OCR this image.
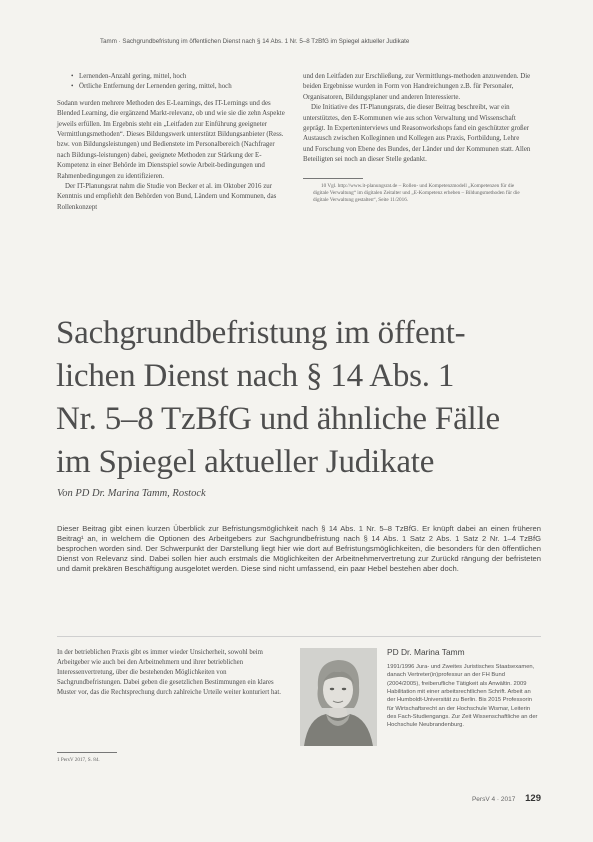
Tamm · Sachgrundbefristung im öffentlichen Dienst nach § 14 Abs. 1 Nr. 5–8 TzBfG im Spiegel aktueller Judikate
• Lernenden-Anzahl gering, mittel, hoch
• Örtliche Entfernung der Lernenden gering, mittel, hoch

Sodann wurden mehrere Methoden des E-Learnings, des IT-Lernings und des Blended Learning, die ergänzend Markt-relevanz, ob und wie sie die zehn Aspekte jeweils erfüllen. Im Ergebnis steht ein „Leitfaden zur Einführung geeigneter Vermittlungsmethoden“. Dieses Bildungswerk unterstützt Bildungsanbieter (Ress. bzw. von Bildungsleistungen) und Bedienstete im Personalbereich (Nachfrager nach Bildungs-leistungen) dabei, geeignete Methoden zur Stärkung der E-Kompetenz in einer Behörde im Dienstspiel sowie Arbeit-bedingungen und Rahmenbedingungen zu identifizieren.

Der IT-Planungsrat nahm die Studie von Becker et al. im Oktober 2016 zur Kenntnis und empfiehlt den Behörden von Bund, Ländern und Kommunen, das Rollenkonzept

und den Leitfaden zur Erschließung, zur Vermittlungs-methoden anzuwenden. Die beiden Ergebnisse wurden in Form von Handreichungen z.B. für Personaler, Organisatoren, Bildungsplaner und anderen Interessierte.

Die Initiative des IT-Planungsrats, die dieser Beitrag beschreibt, war ein unterstütztes, den E-Kommunen wie aus schon Verwaltung und Wissenschaft geprägt. In Experteninterviews und Reasonworkshops fand ein geschützter großer Austausch zwischen Kolleginnen und Kollegen aus Praxis, Fortbildung, Lehre und Forschung von Ebene des Bundes, der Länder und der Kommunen statt. Allen Beteiligten sei noch an dieser Stelle gedankt.

10 Vgl. http://www.it-planungsrat.de – Rollen- und Kompetenzmodell „Kompetenzen für die digitale Verwaltung“ im digitalen Zeitalter und „E-Kompetenz erheben – Bildungsmethoden für die digitale Verwaltung gestalten“, Seite 11/2016.

Sachgrundbefristung im öffent-
lichen Dienst nach § 14 Abs. 1
Nr. 5–8 TzBfG und ähnliche Fälle
im Spiegel aktueller Judikate
Von PD Dr. Marina Tamm, Rostock

Dieser Beitrag gibt einen kurzen Überblick zur Befristungsmöglichkeit nach § 14 Abs. 1 Nr. 5–8 TzBfG. Er knüpft dabei an einen früheren Beitrag¹ an, in welchem die Optionen des Arbeitgebers zur Sachgrundbefristung nach § 14 Abs. 1 Satz 2 Abs. 1 Satz 2 Nr. 1–4 TzBfG besprochen worden sind. Der Schwerpunkt der Darstellung liegt hier wie dort auf Befristungsmöglichkeiten, die besonders für den öffentlichen Dienst von Relevanz sind. Dabei sollen hier auch erstmals die Möglichkeiten der Arbeitnehmervertretung zur Zurückd rängung der befristeten und damit prekären Beschäftigung ausgelotet werden. Diese sind nicht umfassend, ein paar Hebel bestehen aber doch.

In der betrieblichen Praxis gibt es immer wieder Unsicherheit, sowohl beim Arbeitgeber wie auch bei den Arbeitnehmern und ihrer betrieblichen Interessenvertretung, über die bestehenden Möglichkeiten von Sachgrundbefristungen. Dabei geben die gesetzlichen Bestimmungen ein klares Muster vor, das die Rechtsprechung durch zahlreiche Urteile weiter konturiert hat.

1 PersV 2017, S. 84.

PD Dr. Marina Tamm

1991/1996 Jura- und Zweites Juristisches Staatsexamen, danach Vertreter(in)professur an der FH Bund (2004/2005), freiberufliche Tätigkeit als Anwältin. 2009 Habilitation mit einer arbeitsrechtlichen Schrift. Arbeit an der Humboldt-Universität zu Berlin. Bis 2015 Professorin für Wirtschaftsrecht an der Hochschule Wismar, Leiterin des Fach-Studiengangs. Zur Zeit Wissenschaftliche an der Hochschule Neubrandenburg.

PersV 4 · 2017 129
